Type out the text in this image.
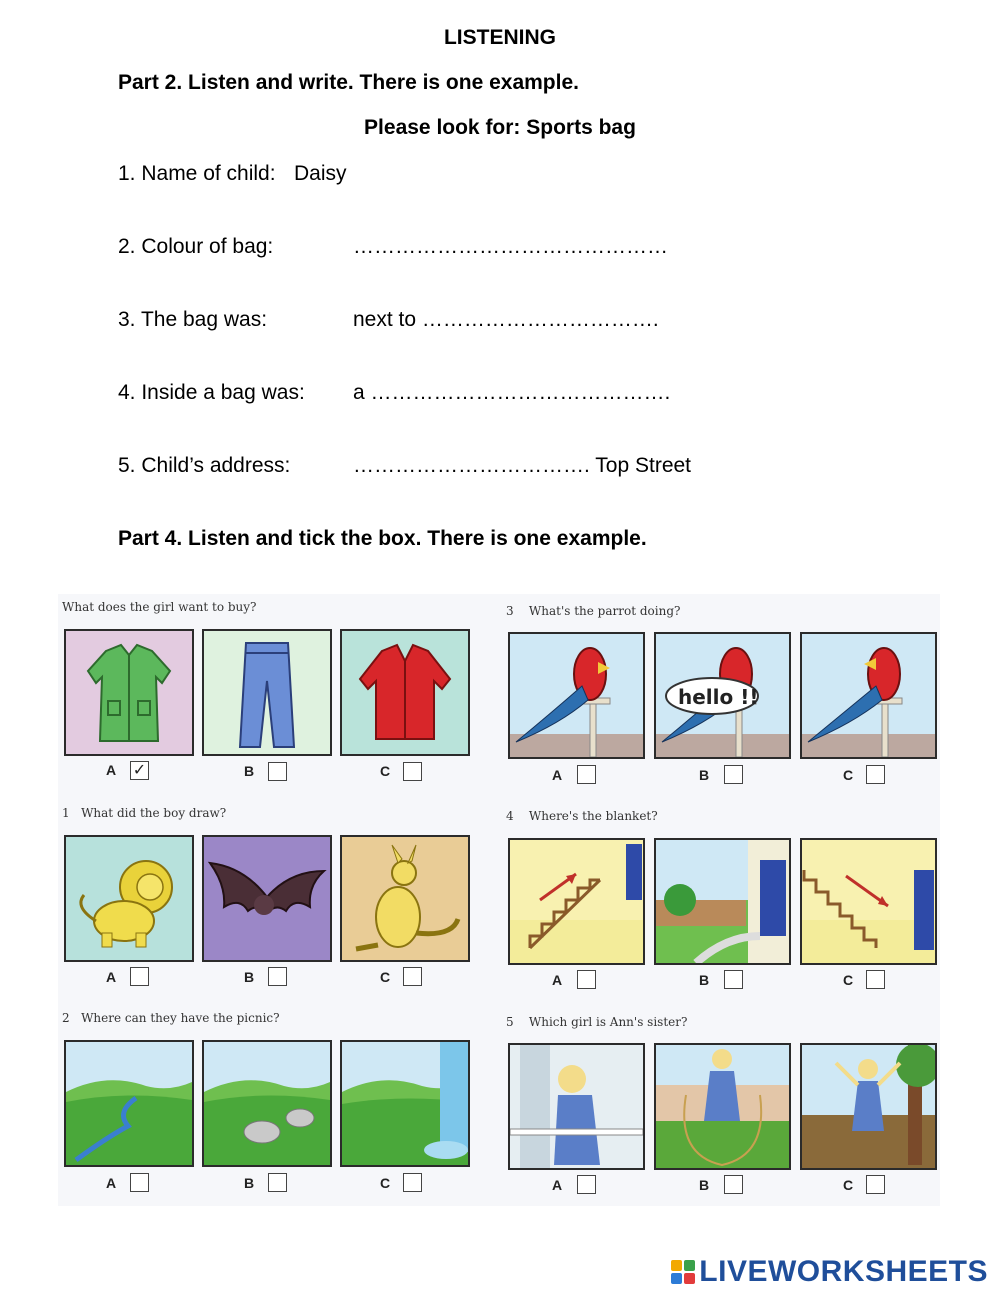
LISTENING
Part 2. Listen and write. There is one example.
Please look for: Sports bag
1. Name of child: Daisy
2. Colour of bag:	………………………………………
3. The bag was:	next to …………………………….
4. Inside a bag was: a …………………………………….
5. Child’s address:	……………………………. Top Street
Part 4. Listen and tick the box. There is one example.
What does the girl want to buy?
1 What did the boy draw?
2 Where can they have the picnic?
3 What's the parrot doing?
4 Where's the blanket?
5 Which girl is Ann's sister?
hello !!
A ✓	B	C
A	B	C
A	B	C
A	B	C
A	B	C
A	B	C
LIVEWORKSHEETS
